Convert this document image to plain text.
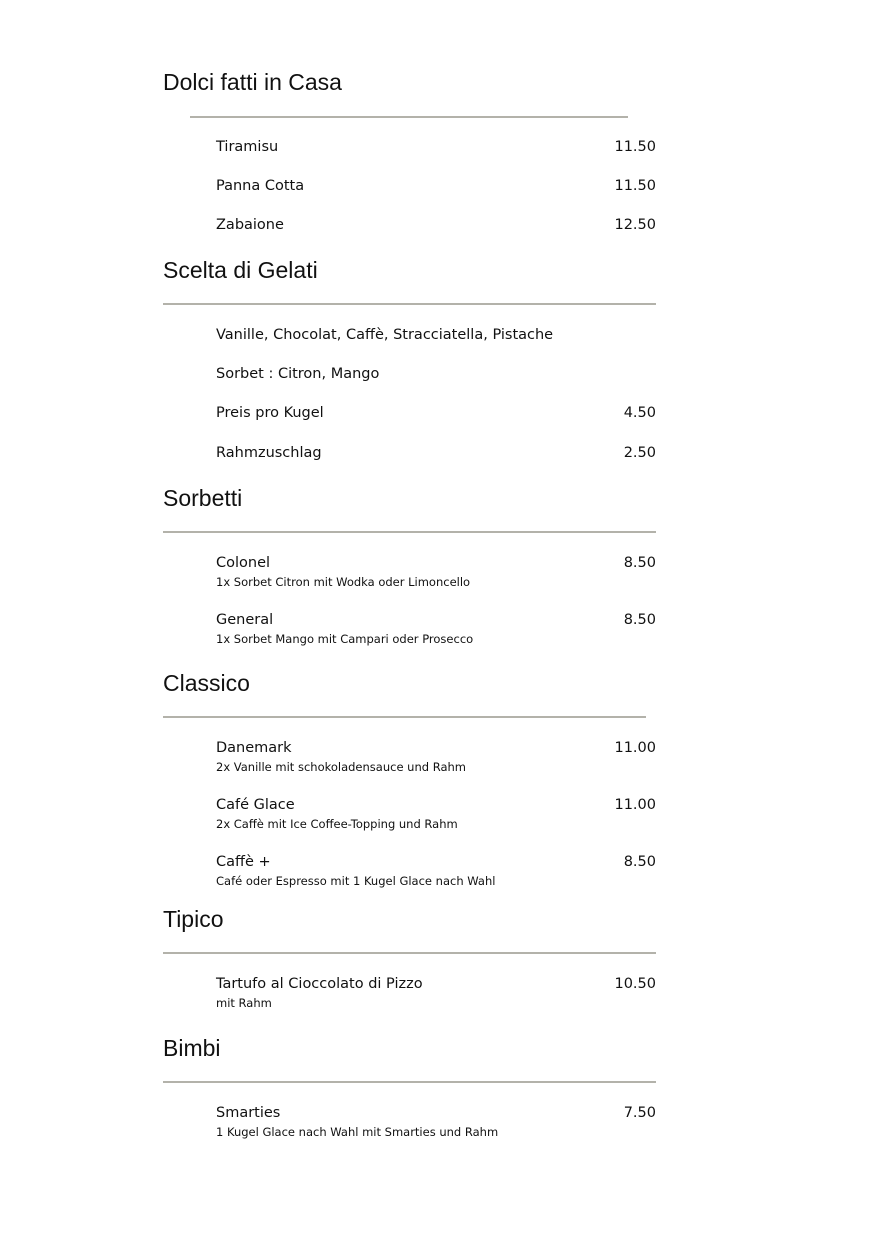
Dolci fatti in Casa
Tiramisu	11.50
Panna Cotta	11.50
Zabaione	12.50
Scelta di Gelati
Vanille, Chocolat, Caffè, Stracciatella, Pistache
Sorbet : Citron, Mango
Preis pro Kugel	4.50
Rahmzuschlag	2.50
Sorbetti
Colonel	8.50
1x Sorbet Citron mit Wodka oder Limoncello
General	8.50
1x Sorbet Mango mit Campari oder Prosecco
Classico
Danemark	11.00
2x Vanille mit schokoladensauce und Rahm
Café Glace	11.00
2x Caffè mit Ice Coffee-Topping und Rahm
Caffè +	8.50
Café oder Espresso mit 1 Kugel Glace nach Wahl
Tipico
Tartufo al Cioccolato di Pizzo	10.50
mit Rahm
Bimbi
Smarties	7.50
1 Kugel Glace nach Wahl mit Smarties und Rahm
